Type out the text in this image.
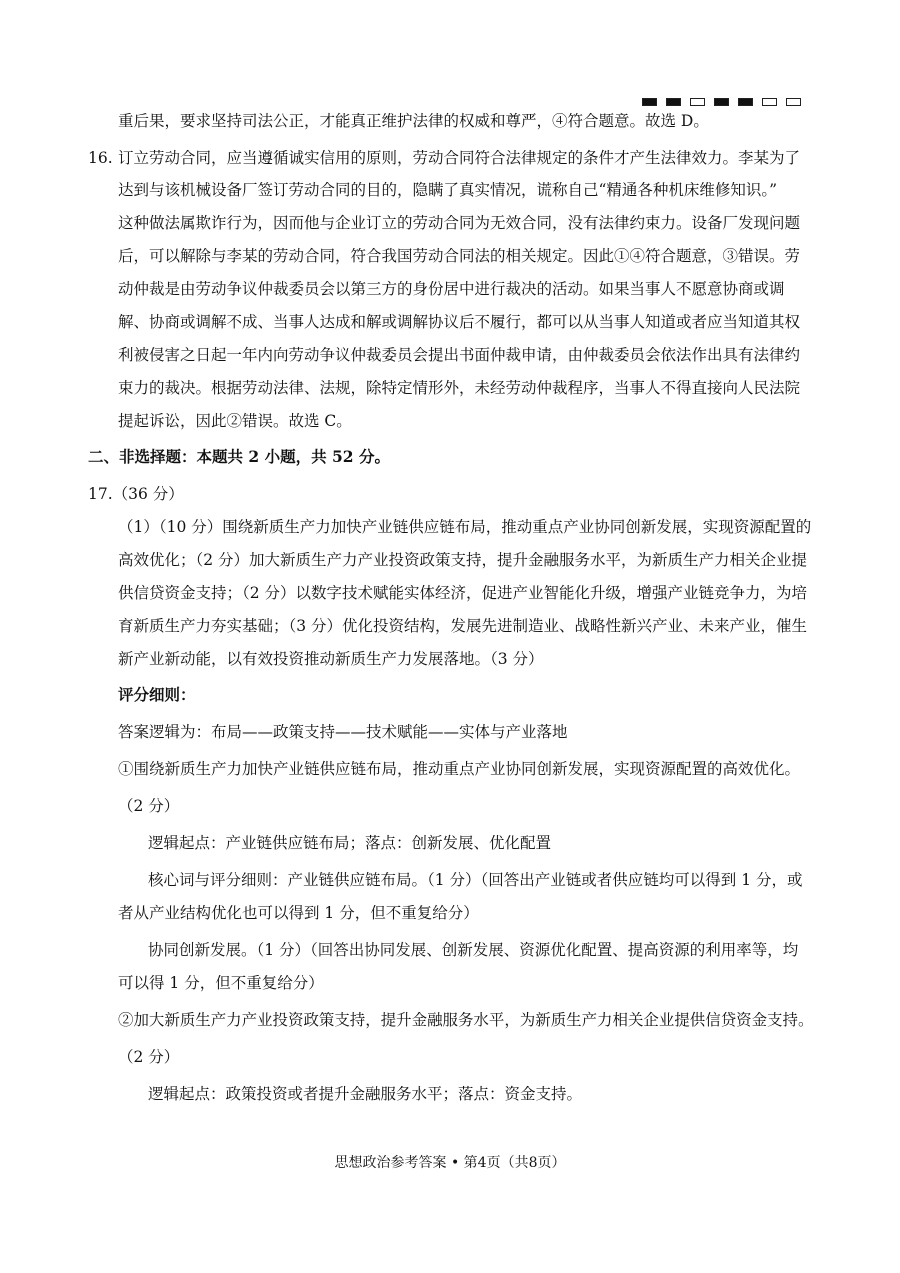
重后果，要求坚持司法公正，才能真正维护法律的权威和尊严，④符合题意。故选 D。
16. 订立劳动合同，应当遵循诚实信用的原则，劳动合同符合法律规定的条件才产生法律效力。李某为了
达到与该机械设备厂签订劳动合同的目的，隐瞒了真实情况，谎称自己“精通各种机床维修知识。”
这种做法属欺诈行为，因而他与企业订立的劳动合同为无效合同，没有法律约束力。设备厂发现问题
后，可以解除与李某的劳动合同，符合我国劳动合同法的相关规定。因此①④符合题意，③错误。劳
动仲裁是由劳动争议仲裁委员会以第三方的身份居中进行裁决的活动。如果当事人不愿意协商或调
解、协商或调解不成、当事人达成和解或调解协议后不履行，都可以从当事人知道或者应当知道其权
利被侵害之日起一年内向劳动争议仲裁委员会提出书面仲裁申请，由仲裁委员会依法作出具有法律约
束力的裁决。根据劳动法律、法规，除特定情形外，未经劳动仲裁程序，当事人不得直接向人民法院
提起诉讼，因此②错误。故选 C。
二、非选择题：本题共 2 小题，共 52 分。
17.（36 分）
（1）（10 分）围绕新质生产力加快产业链供应链布局，推动重点产业协同创新发展，实现资源配置的
高效优化；（2 分）加大新质生产力产业投资政策支持，提升金融服务水平，为新质生产力相关企业提
供信贷资金支持；（2 分）以数字技术赋能实体经济，促进产业智能化升级，增强产业链竞争力，为培
育新质生产力夯实基础；（3 分）优化投资结构，发展先进制造业、战略性新兴产业、未来产业，催生
新产业新动能，以有效投资推动新质生产力发展落地。（3 分）
评分细则：
答案逻辑为：布局——政策支持——技术赋能——实体与产业落地
①围绕新质生产力加快产业链供应链布局，推动重点产业协同创新发展，实现资源配置的高效优化。
（2 分）
逻辑起点：产业链供应链布局；落点：创新发展、优化配置
核心词与评分细则：产业链供应链布局。（1 分）（回答出产业链或者供应链均可以得到 1 分，或
者从产业结构优化也可以得到 1 分，但不重复给分）
协同创新发展。（1 分）（回答出协同发展、创新发展、资源优化配置、提高资源的利用率等，均
可以得 1 分，但不重复给分）
②加大新质生产力产业投资政策支持，提升金融服务水平，为新质生产力相关企业提供信贷资金支持。
（2 分）
逻辑起点：政策投资或者提升金融服务水平；落点：资金支持。
思想政治参考答案 • 第4页（共8页）
